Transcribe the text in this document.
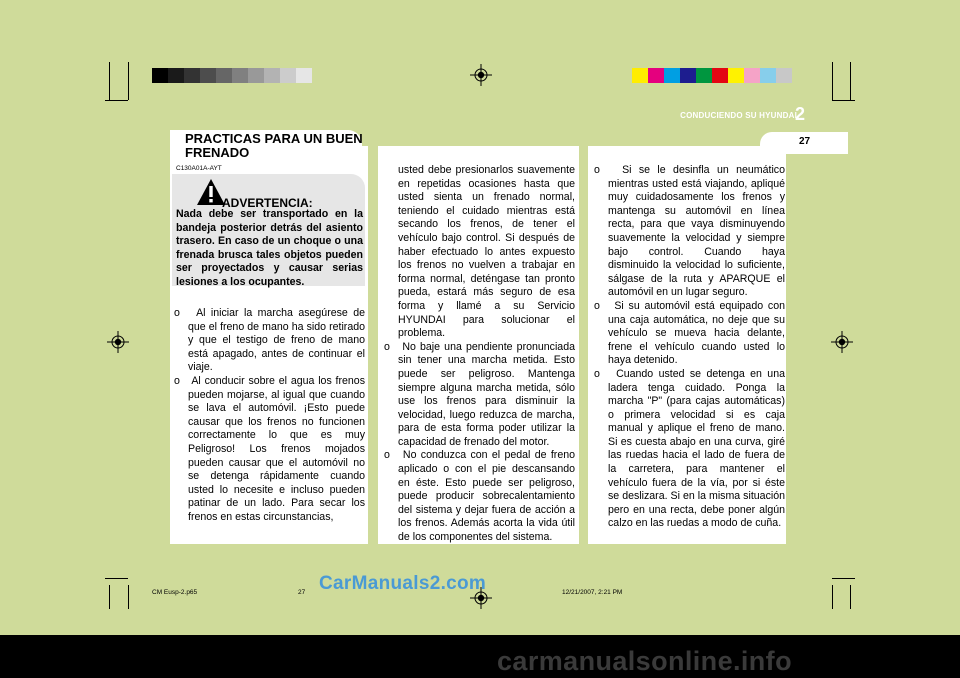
CONDUCIENDO SU HYUNDAI
2
27
PRACTICAS PARA UN BUEN FRENADO
C130A01A-AYT
ADVERTENCIA:

Nada debe ser transportado en la bandeja posterior detrás del asiento trasero. En caso de un choque o una frenada brusca tales objetos pueden ser proyectados y causar serias lesiones a los ocupantes.

o Al iniciar la marcha asegúrese de que el freno de mano ha sido retirado y que el testigo de freno de mano está apagado, antes de continuar el viaje.

o Al conducir sobre el agua los frenos pueden mojarse, al igual que cuando se lava el automóvil. ¡Esto puede causar que los frenos no funcionen correctamente lo que es muy Peligroso! Los frenos mojados pueden causar que el automóvil no se detenga rápidamente cuando usted lo necesite e incluso pueden patinar de un lado. Para secar los frenos en estas circunstancias,

usted debe presionarlos suavemente en repetidas ocasiones hasta que usted sienta un frenado normal, teniendo el cuidado mientras está secando los frenos, de tener el vehículo bajo control. Si después de haber efectuado lo antes expuesto los frenos no vuelven a trabajar en forma normal, deténgase tan pronto pueda, estará más seguro de esa forma y llamé a su Servicio HYUNDAI para solucionar el problema.

o No baje una pendiente pronunciada sin tener una marcha metida. Esto puede ser peligroso. Mantenga siempre alguna marcha metida, sólo use los frenos para disminuir la velocidad, luego reduzca de marcha, para de esta forma poder utilizar la capacidad de frenado del motor.

o No conduzca con el pedal de freno aplicado o con el pie descansando en éste. Esto puede ser peligroso, puede producir sobrecalentamiento del sistema y dejar fuera de acción a los frenos. Además acorta la vida útil de los componentes del sistema.

o Si se le desinfla un neumático mientras usted está viajando, apliqué muy cuidadosamente los frenos y mantenga su automóvil en línea recta, para que vaya disminuyendo suavemente la velocidad y siempre bajo control. Cuando haya disminuido la velocidad lo suficiente, sálgase de la ruta y APARQUE el automóvil en un lugar seguro.

o Si su automóvil está equipado con una caja automática, no deje que su vehículo se mueva hacia delante, frene el vehículo cuando usted lo haya detenido.

o Cuando usted se detenga en una ladera tenga cuidado. Ponga la marcha "P" (para cajas automáticas) o primera velocidad si es caja manual y aplique el freno de mano. Si es cuesta abajo en una curva, giré las ruedas hacia el lado de fuera de la carretera, para mantener el vehículo fuera de la vía, por si éste se deslizara. Si en la misma situación pero en una recta, debe poner algún calzo en las ruedas a modo de cuña.

CM Eusp-2.p65	27	12/21/2007, 2:21 PM
CarManuals2.com
carmanualsonline.info
